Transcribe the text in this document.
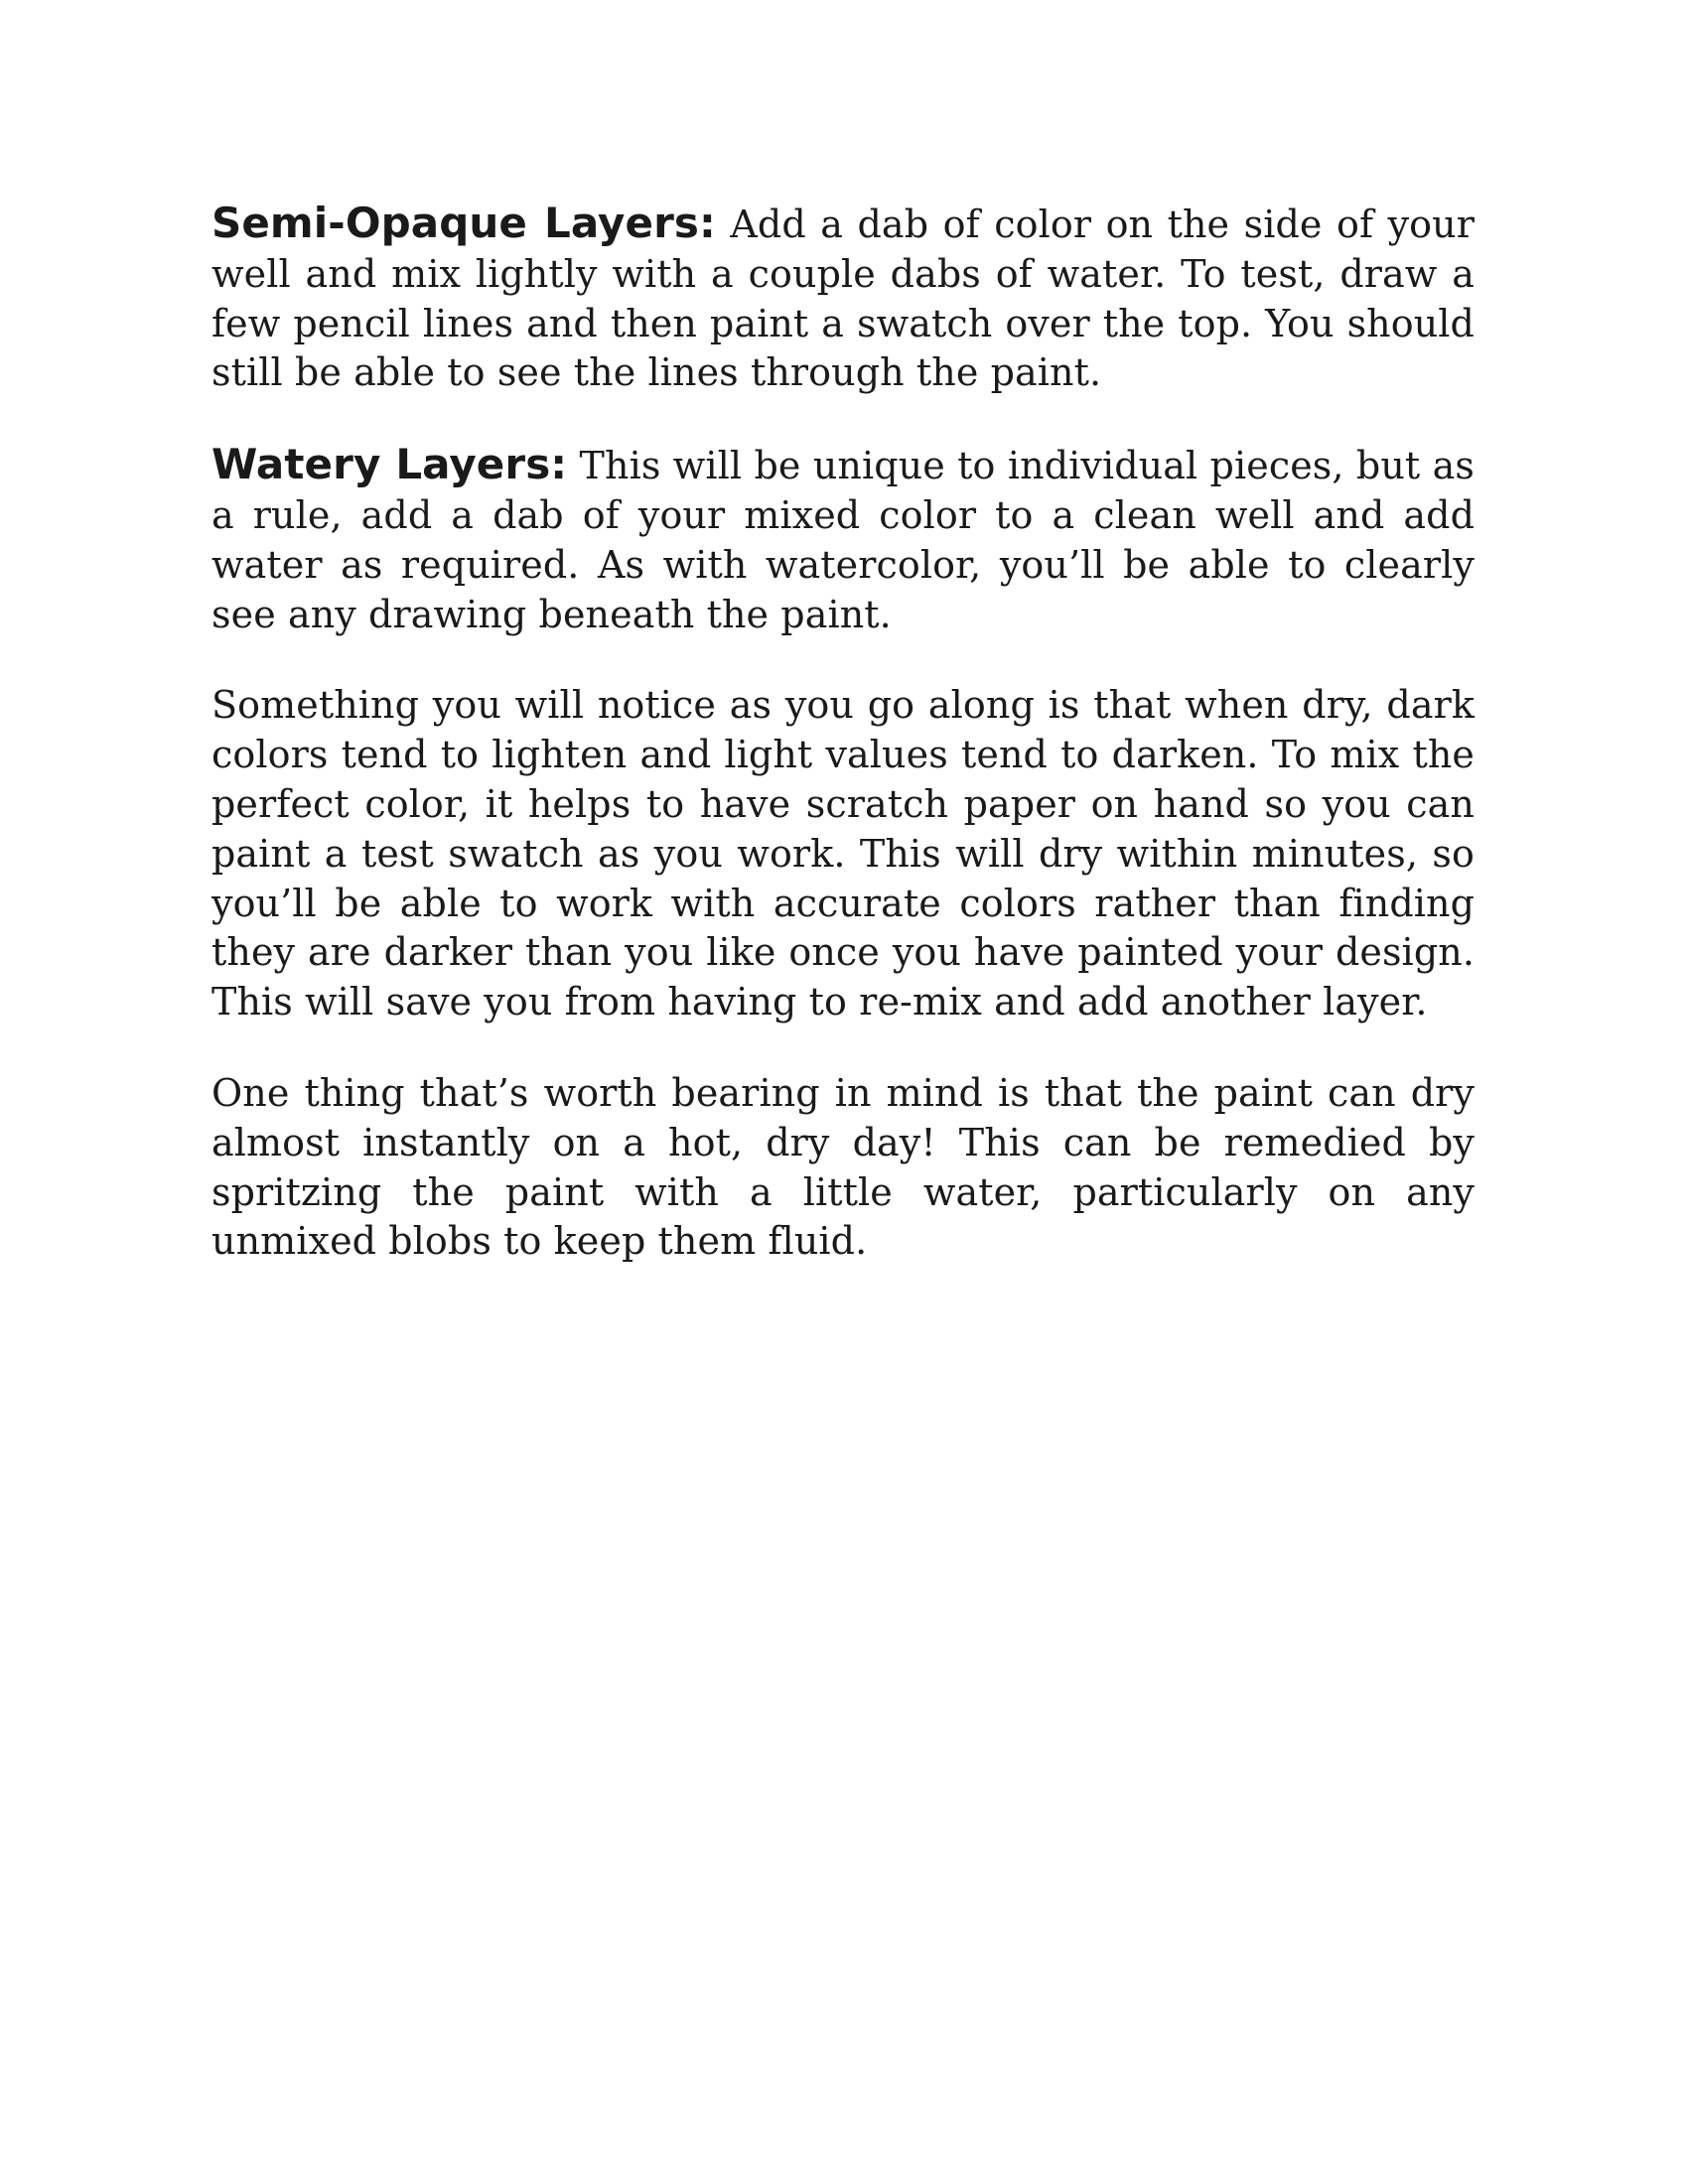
Semi-Opaque Layers: Add a dab of color on the side of your well and mix lightly with a couple dabs of water. To test, draw a few pencil lines and then paint a swatch over the top. You should still be able to see the lines through the paint.

Watery Layers: This will be unique to individual pieces, but as a rule, add a dab of your mixed color to a clean well and add water as required. As with watercolor, you’ll be able to clearly see any drawing beneath the paint.

Something you will notice as you go along is that when dry, dark colors tend to lighten and light values tend to darken. To mix the perfect color, it helps to have scratch paper on hand so you can paint a test swatch as you work. This will dry within minutes, so you’ll be able to work with accurate colors rather than finding they are darker than you like once you have painted your design. This will save you from having to re-mix and add another layer.

One thing that’s worth bearing in mind is that the paint can dry almost instantly on a hot, dry day! This can be remedied by spritzing the paint with a little water, particularly on any unmixed blobs to keep them fluid.
